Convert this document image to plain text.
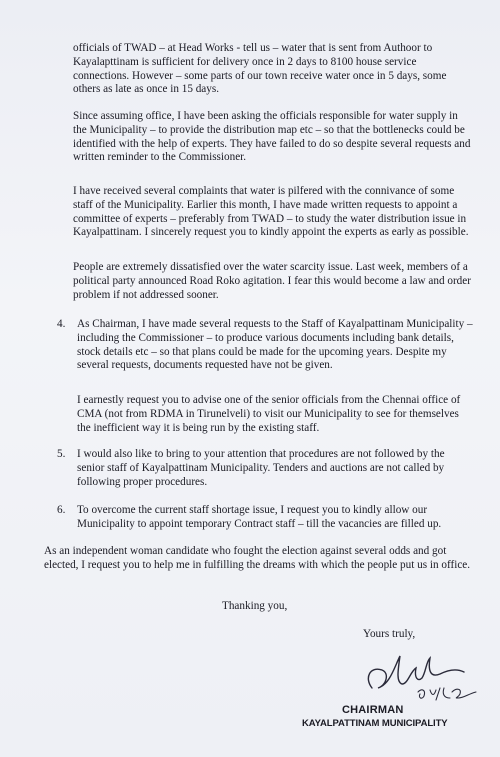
officials of TWAD – at Head Works - tell us – water that is sent from Authoor to Kayalapttinam is sufficient for delivery once in 2 days to 8100 house service connections. However – some parts of our town receive water once in 5 days, some others as late as once in 15 days.

Since assuming office, I have been asking the officials responsible for water supply in the Municipality – to provide the distribution map etc – so that the bottlenecks could be identified with the help of experts. They have failed to do so despite several requests and written reminder to the Commissioner.

I have received several complaints that water is pilfered with the connivance of some staff of the Municipality. Earlier this month, I have made written requests to appoint a committee of experts – preferably from TWAD – to study the water distribution issue in Kayalpattinam. I sincerely request you to kindly appoint the experts as early as possible.

People are extremely dissatisfied over the water scarcity issue. Last week, members of a political party announced Road Roko agitation. I fear this would become a law and order problem if not addressed sooner.

4. As Chairman, I have made several requests to the Staff of Kayalpattinam Municipality – including the Commissioner – to produce various documents including bank details, stock details etc – so that plans could be made for the upcoming years. Despite my several requests, documents requested have not be given.

I earnestly request you to advise one of the senior officials from the Chennai office of CMA (not from RDMA in Tirunelveli) to visit our Municipality to see for themselves the inefficient way it is being run by the existing staff.

5. I would also like to bring to your attention that procedures are not followed by the senior staff of Kayalpattinam Municipality. Tenders and auctions are not called by following proper procedures.

6. To overcome the current staff shortage issue, I request you to kindly allow our Municipality to appoint temporary Contract staff – till the vacancies are filled up.

As an independent woman candidate who fought the election against several odds and got elected, I request you to help me in fulfilling the dreams with which the people put us in office.

Thanking you,
Yours truly,
CHAIRMAN
KAYALPATTINAM MUNICIPALITY
